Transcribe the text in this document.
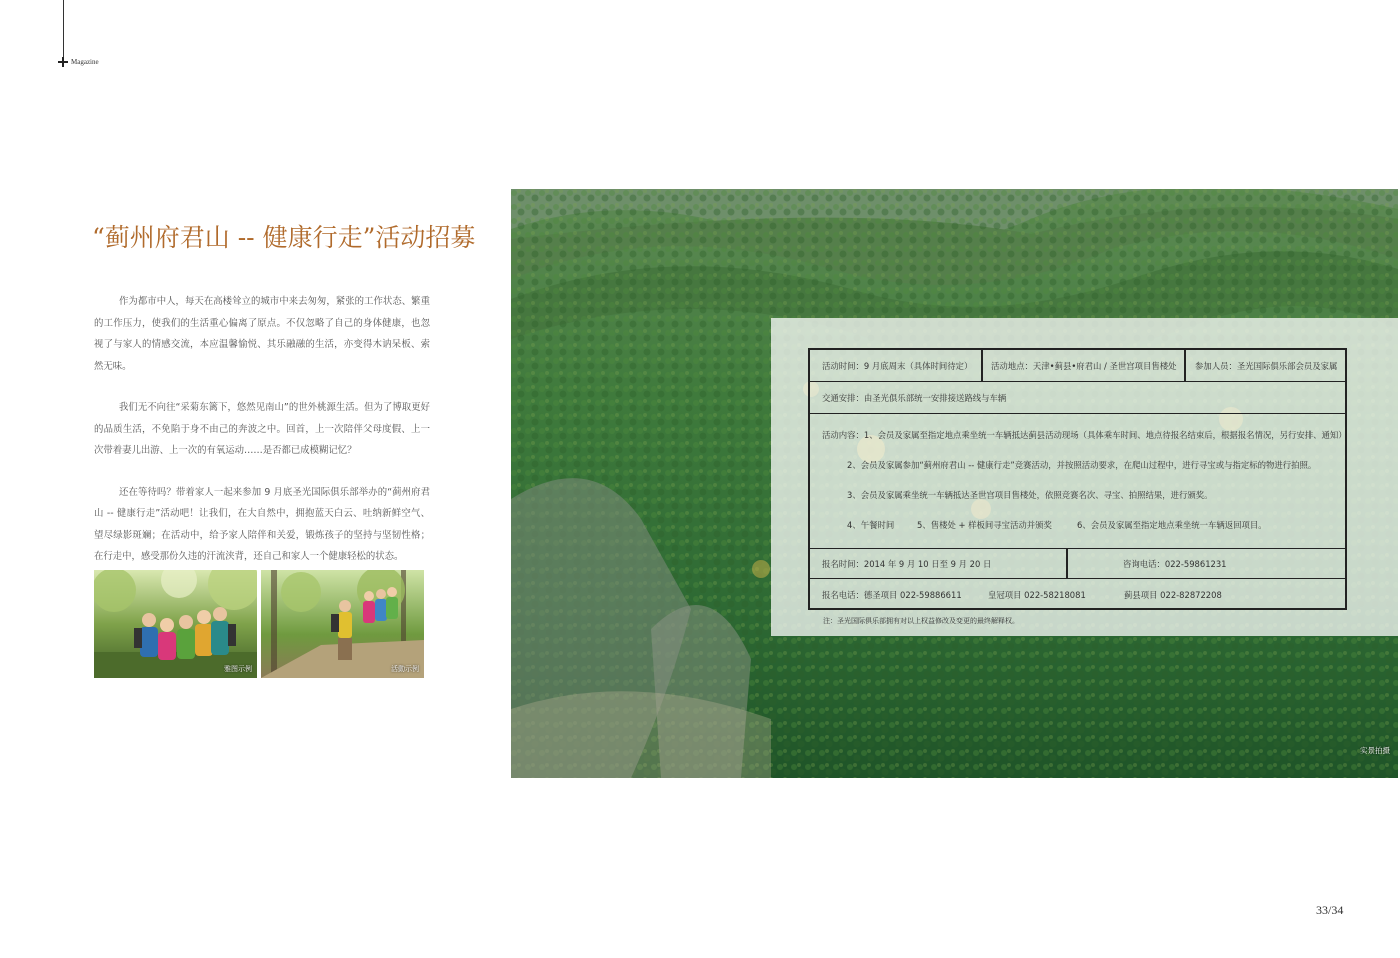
Magazine
“蓟州府君山 -- 健康行走”活动招募

作为都市中人，每天在高楼耸立的城市中来去匆匆，紧张的工作状态、繁重的工作压力，使我们的生活重心偏离了原点。不仅忽略了自己的身体健康，也忽视了与家人的情感交流，本应温馨愉悦、其乐融融的生活，亦变得木讷呆板、索然无味。

我们无不向往“采菊东篱下，悠然见南山”的世外桃源生活。但为了博取更好的品质生活，不免陷于身不由己的奔波之中。回首，上一次陪伴父母度假、上一次带着妻儿出游、上一次的有氧运动……是否都已成模糊记忆？

还在等待吗？带着家人一起来参加 9 月底圣光国际俱乐部举办的“蓟州府君山 -- 健康行走”活动吧！让我们，在大自然中，拥抱蓝天白云、吐纳新鲜空气、望尽绿影斑斓；在活动中，给予家人陪伴和关爱，锻炼孩子的坚持与坚韧性格；在行走中，感受那份久违的汗流浃背，还自己和家人一个健康轻松的状态。

雅图示例	活動示例
实景拍摄
活动时间：9 月底周末（具体时间待定） 活动地点：天津•蓟县•府君山 / 圣世宫项目售楼处 参加人员：圣光国际俱乐部会员及家属
交通安排：由圣光俱乐部统一安排接送路线与车辆
活动内容：1、会员及家属至指定地点乘坐统一车辆抵达蓟县活动现场（具体乘车时间、地点待报名结束后，根据报名情况，另行安排、通知）
2、会员及家属参加“蓟州府君山 -- 健康行走”竞赛活动，并按照活动要求，在爬山过程中，进行寻宝或与指定标的物进行拍照。
3、会员及家属乘坐统一车辆抵达圣世宫项目售楼处，依照竞赛名次、寻宝、拍照结果，进行颁奖。
4、午餐时间	5、售楼处 + 样板间寻宝活动并颁奖	6、会员及家属至指定地点乘坐统一车辆返回项目。
报名时间：2014 年 9 月 10 日至 9 月 20 日	咨询电话：022-59861231
报名电话：德圣项目 022-59886611	皇冠项目 022-58218081	蓟县项目 022-82872208
注：圣光国际俱乐部拥有对以上权益修改及变更的最终解释权。
33/34
